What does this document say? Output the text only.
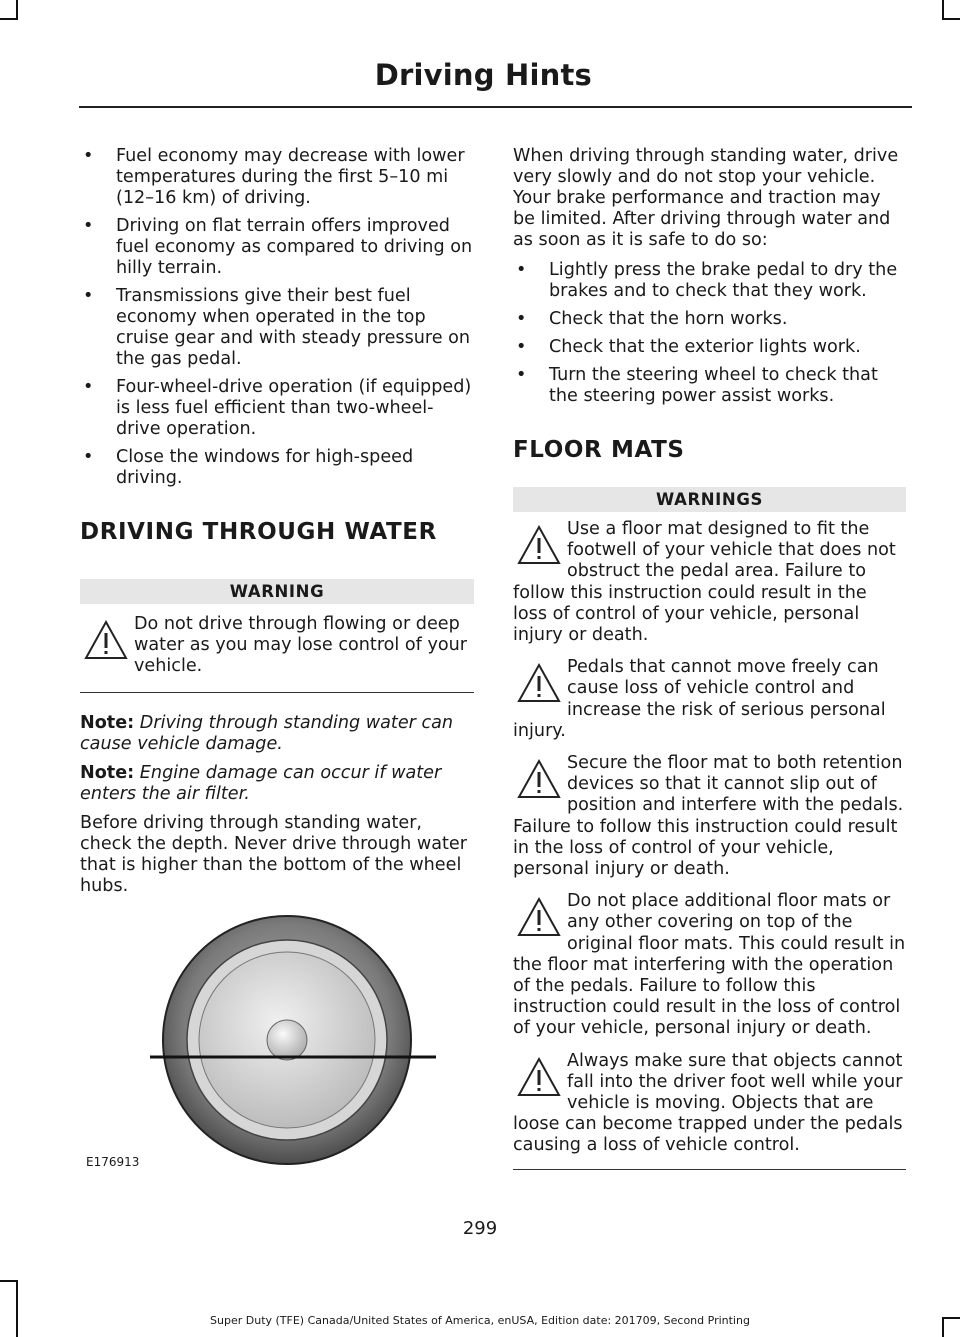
Driving Hints
• Fuel economy may decrease with lower temperatures during the first 5–10 mi (12–16 km) of driving.
• Driving on flat terrain offers improved fuel economy as compared to driving on hilly terrain.
• Transmissions give their best fuel economy when operated in the top cruise gear and with steady pressure on the gas pedal.
• Four-wheel-drive operation (if equipped) is less fuel efficient than two-wheel-drive operation.
• Close the windows for high-speed driving.
DRIVING THROUGH WATER
WARNING
Do not drive through flowing or deep water as you may lose control of your vehicle.

Note: Driving through standing water can cause vehicle damage.

Note: Engine damage can occur if water enters the air filter.

Before driving through standing water, check the depth. Never drive through water that is higher than the bottom of the wheel hubs.

E176913

When driving through standing water, drive very slowly and do not stop your vehicle. Your brake performance and traction may be limited. After driving through water and as soon as it is safe to do so:

• Lightly press the brake pedal to dry the brakes and to check that they work.
• Check that the horn works.
• Check that the exterior lights work.
• Turn the steering wheel to check that the steering power assist works.
FLOOR MATS
WARNINGS
Use a floor mat designed to fit the footwell of your vehicle that does not obstruct the pedal area. Failure to follow this instruction could result in the loss of control of your vehicle, personal injury or death.
Pedals that cannot move freely can cause loss of vehicle control and increase the risk of serious personal injury.
Secure the floor mat to both retention devices so that it cannot slip out of position and interfere with the pedals. Failure to follow this instruction could result in the loss of control of your vehicle, personal injury or death.
Do not place additional floor mats or any other covering on top of the original floor mats. This could result in the floor mat interfering with the operation of the pedals. Failure to follow this instruction could result in the loss of control of your vehicle, personal injury or death.
Always make sure that objects cannot fall into the driver foot well while your vehicle is moving. Objects that are loose can become trapped under the pedals causing a loss of vehicle control.
299
Super Duty (TFE) Canada/United States of America, enUSA, Edition date: 201709, Second Printing
